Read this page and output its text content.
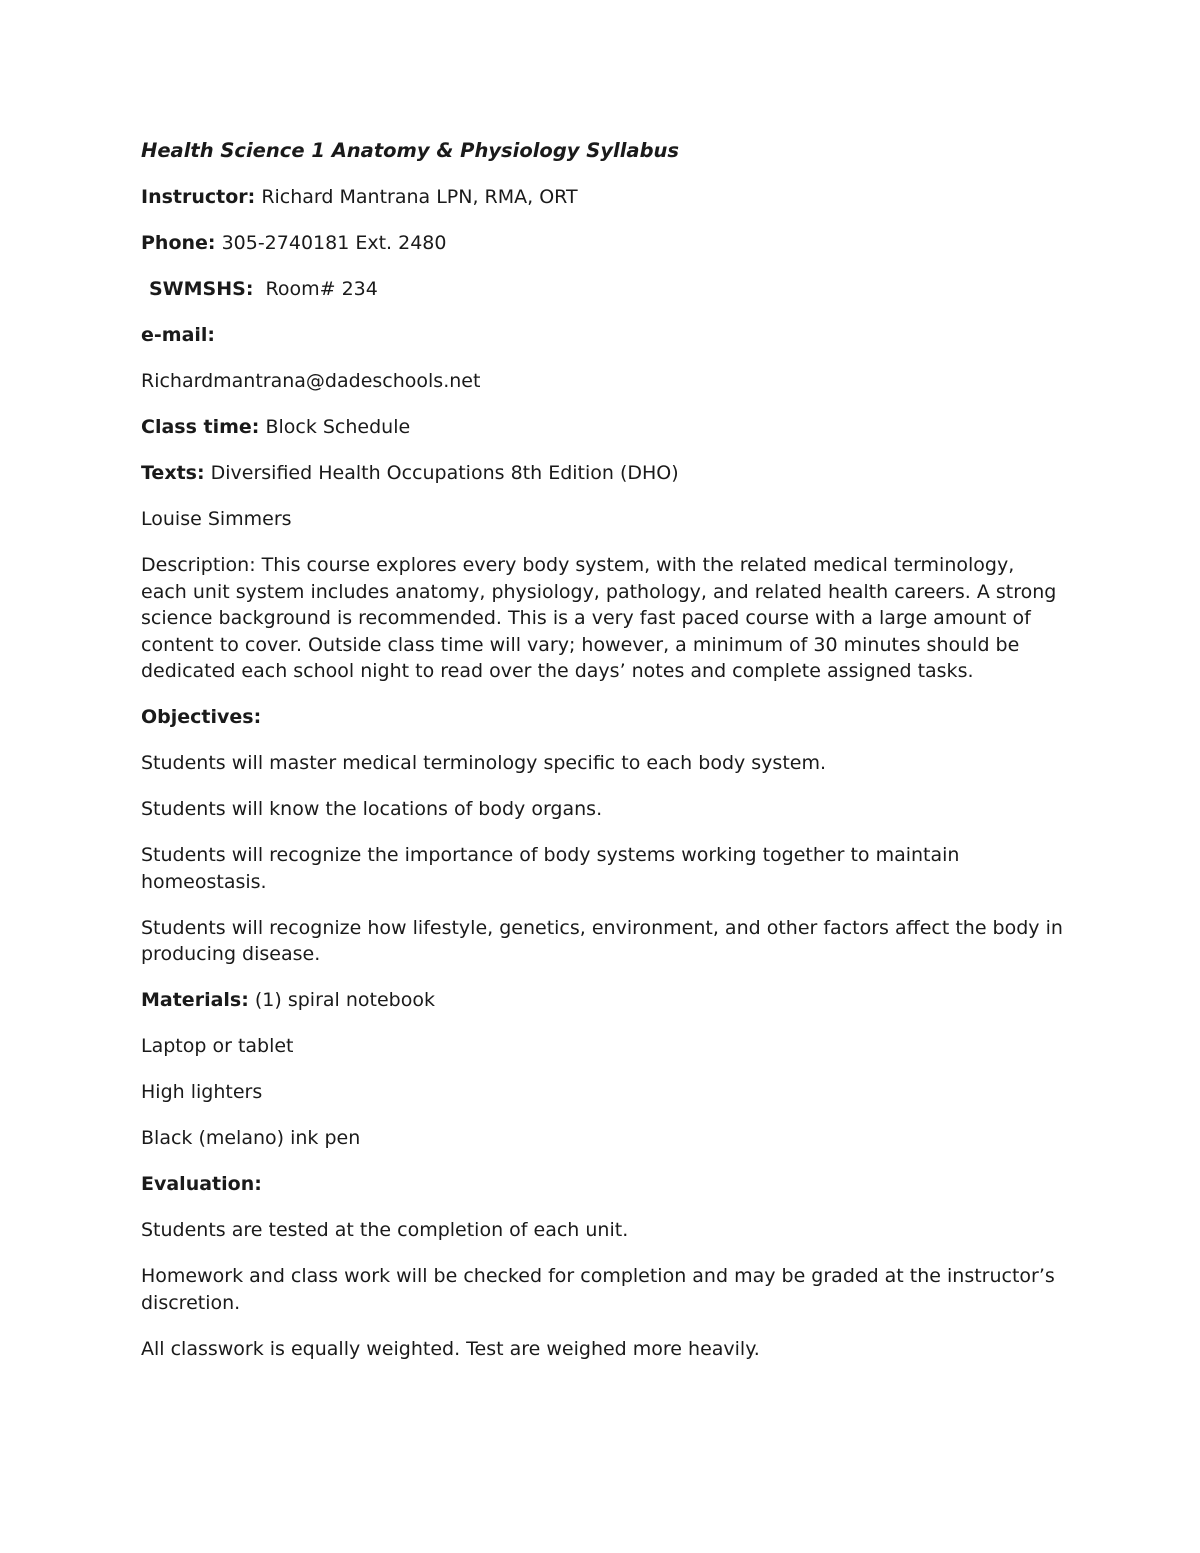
Health Science 1 Anatomy & Physiology Syllabus

Instructor: Richard Mantrana LPN, RMA, ORT

Phone: 305-2740181 Ext. 2480

SWMSHS: Room# 234

e-mail:

Richardmantrana@dadeschools.net

Class time: Block Schedule

Texts: Diversified Health Occupations 8th Edition (DHO)

Louise Simmers

Description: This course explores every body system, with the related medical terminology, each unit system includes anatomy, physiology, pathology, and related health careers. A strong science background is recommended. This is a very fast paced course with a large amount of content to cover. Outside class time will vary; however, a minimum of 30 minutes should be dedicated each school night to read over the days’ notes and complete assigned tasks.

Objectives:

Students will master medical terminology specific to each body system.

Students will know the locations of body organs.

Students will recognize the importance of body systems working together to maintain homeostasis.

Students will recognize how lifestyle, genetics, environment, and other factors affect the body in producing disease.

Materials: (1) spiral notebook

Laptop or tablet

High lighters

Black (melano) ink pen

Evaluation:

Students are tested at the completion of each unit.

Homework and class work will be checked for completion and may be graded at the instructor’s discretion.

All classwork is equally weighted. Test are weighed more heavily.
